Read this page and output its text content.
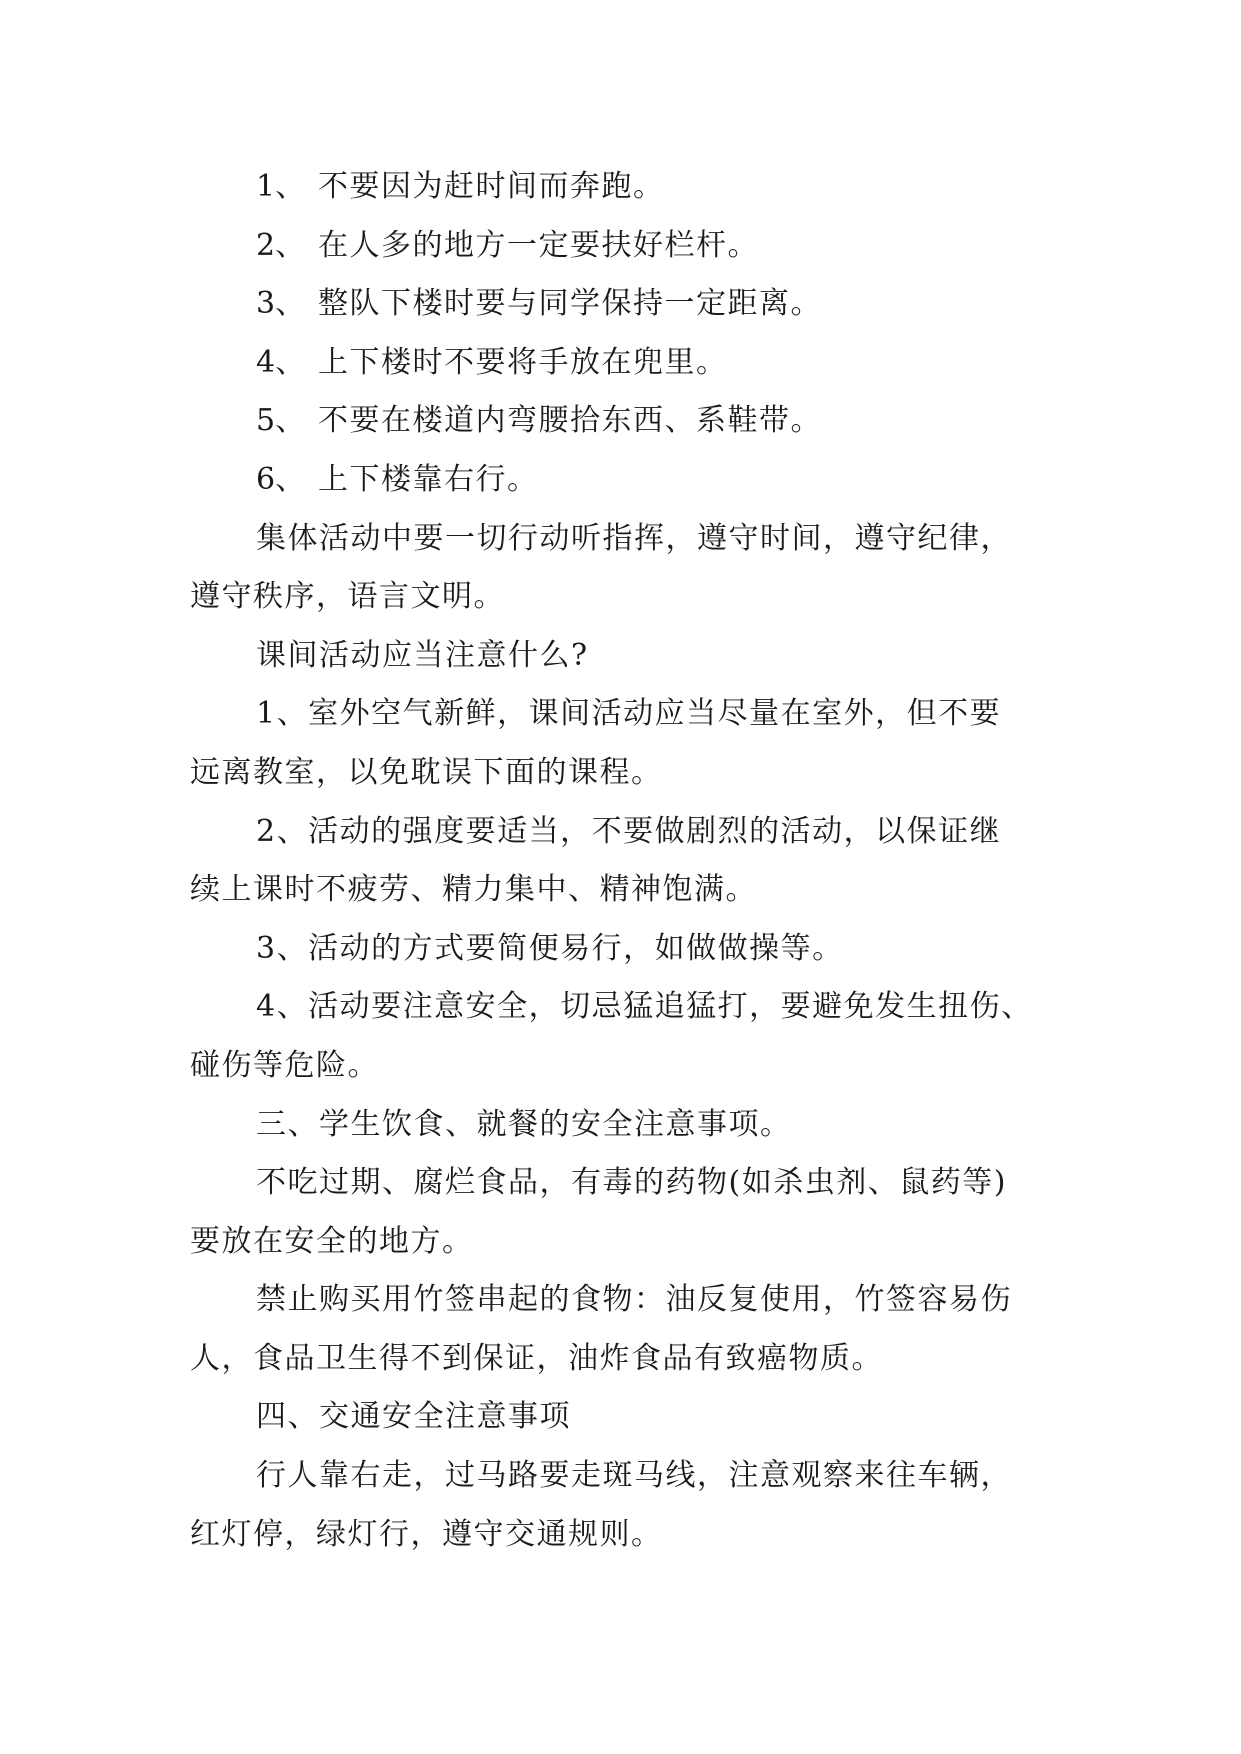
1、 不要因为赶时间而奔跑。
2、 在人多的地方一定要扶好栏杆。
3、 整队下楼时要与同学保持一定距离。
4、 上下楼时不要将手放在兜里。
5、 不要在楼道内弯腰拾东西、系鞋带。
6、 上下楼靠右行。
集体活动中要一切行动听指挥，遵守时间，遵守纪律，
遵守秩序，语言文明。
课间活动应当注意什么?
1、室外空气新鲜，课间活动应当尽量在室外，但不要
远离教室，以免耽误下面的课程。
2、活动的强度要适当，不要做剧烈的活动，以保证继
续上课时不疲劳、精力集中、精神饱满。
3、活动的方式要简便易行，如做做操等。
4、活动要注意安全，切忌猛追猛打，要避免发生扭伤、
碰伤等危险。
三、学生饮食、就餐的安全注意事项。
不吃过期、腐烂食品，有毒的药物(如杀虫剂、鼠药等)
要放在安全的地方。
禁止购买用竹签串起的食物：油反复使用，竹签容易伤
人，食品卫生得不到保证，油炸食品有致癌物质。
四、交通安全注意事项
行人靠右走，过马路要走斑马线，注意观察来往车辆，
红灯停，绿灯行，遵守交通规则。
